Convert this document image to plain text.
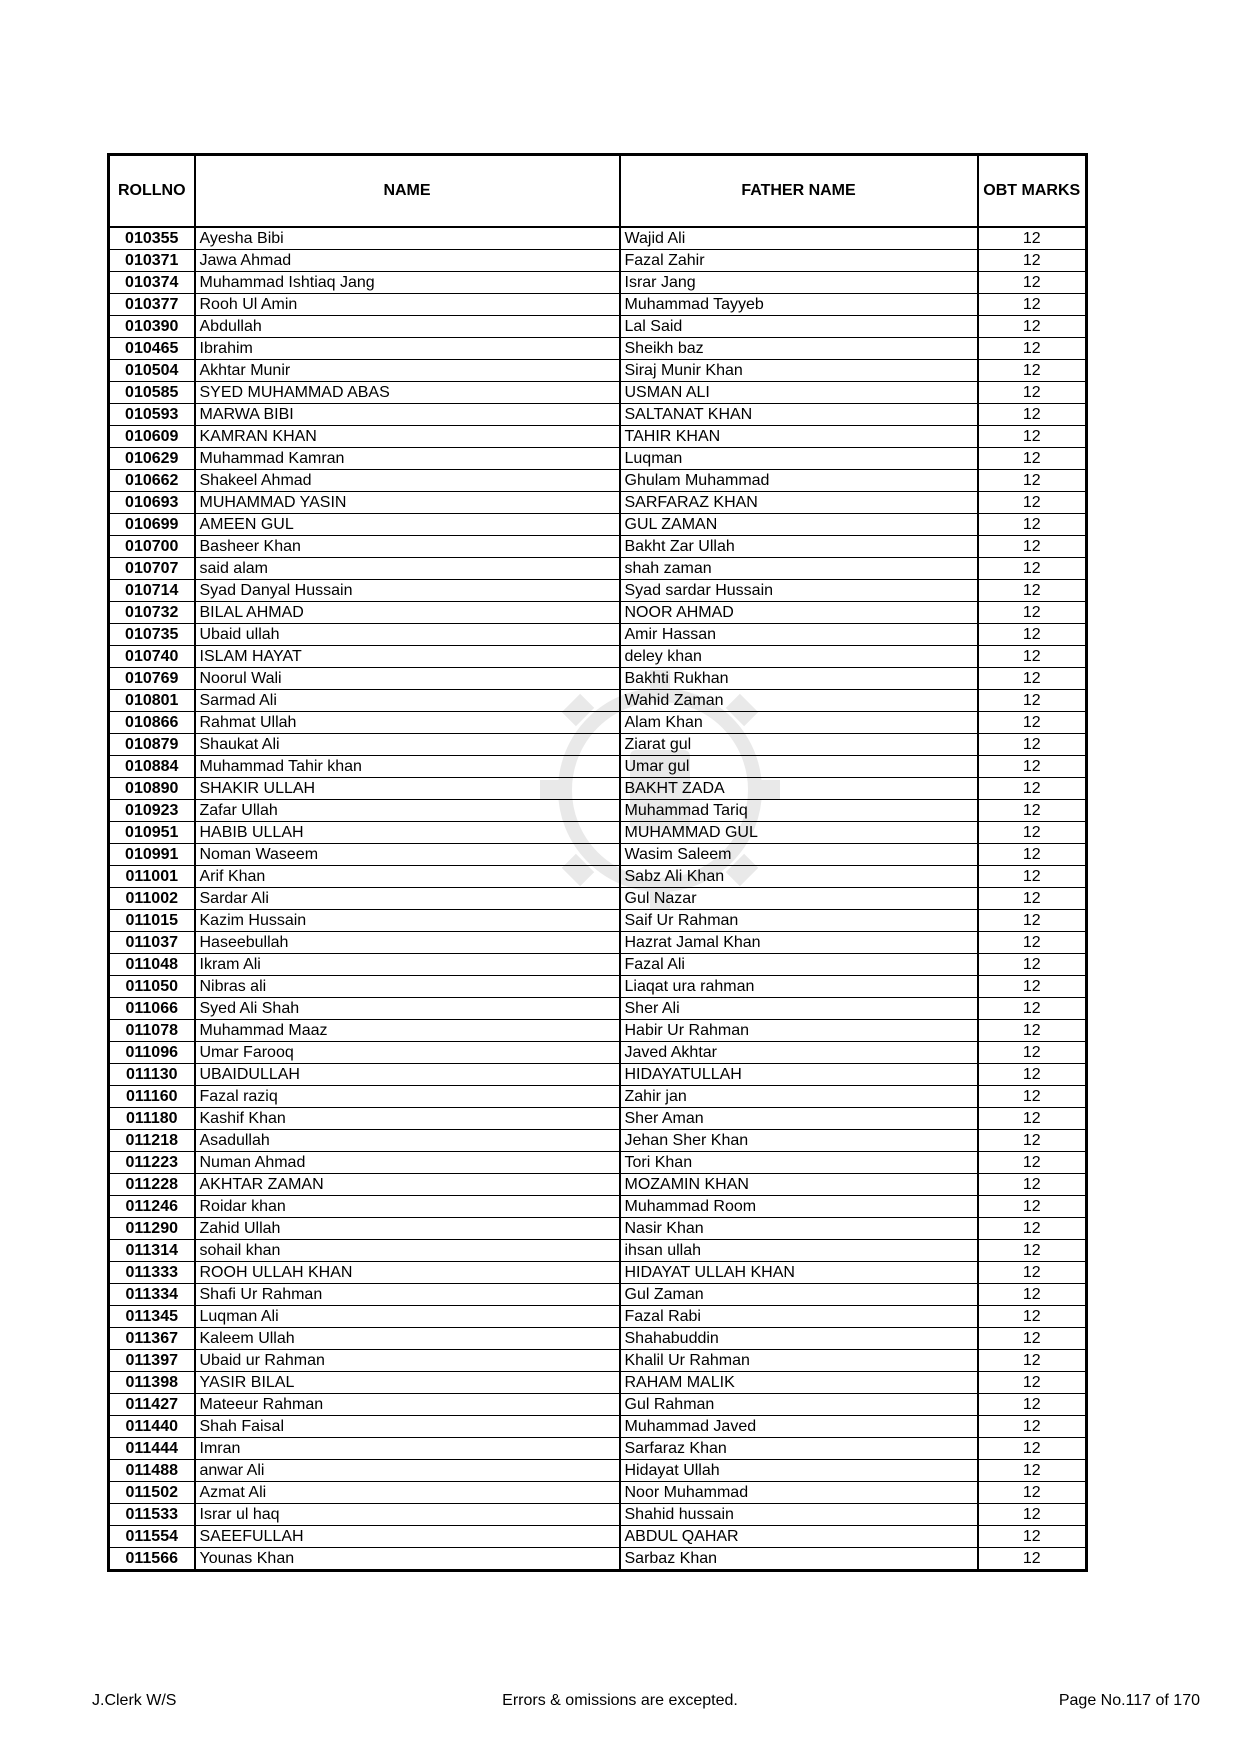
ROLLNO	NAME	FATHER NAME	OBT MARKS
010355	Ayesha Bibi	Wajid Ali	12
010371	Jawa Ahmad	Fazal Zahir	12
010374	Muhammad Ishtiaq Jang	Israr Jang	12
010377	Rooh Ul Amin	Muhammad Tayyeb	12
010390	Abdullah	Lal Said	12
010465	Ibrahim	Sheikh baz	12
010504	Akhtar Munir	Siraj Munir Khan	12
010585	SYED MUHAMMAD ABAS	USMAN ALI	12
010593	MARWA BIBI	SALTANAT KHAN	12
010609	KAMRAN KHAN	TAHIR KHAN	12
010629	Muhammad Kamran	Luqman	12
010662	Shakeel Ahmad	Ghulam Muhammad	12
010693	MUHAMMAD YASIN	SARFARAZ KHAN	12
010699	AMEEN GUL	GUL ZAMAN	12
010700	Basheer Khan	Bakht Zar Ullah	12
010707	said alam	shah zaman	12
010714	Syad Danyal Hussain	Syad sardar Hussain	12
010732	BILAL AHMAD	NOOR AHMAD	12
010735	Ubaid ullah	Amir Hassan	12
010740	ISLAM HAYAT	deley khan	12
010769	Noorul Wali	Bakhti Rukhan	12
010801	Sarmad Ali	Wahid Zaman	12
010866	Rahmat Ullah	Alam Khan	12
010879	Shaukat Ali	Ziarat gul	12
010884	Muhammad Tahir khan	Umar gul	12
010890	SHAKIR ULLAH	BAKHT ZADA	12
010923	Zafar Ullah	Muhammad Tariq	12
010951	HABIB ULLAH	MUHAMMAD GUL	12
010991	Noman Waseem	Wasim Saleem	12
011001	Arif Khan	Sabz Ali Khan	12
011002	Sardar Ali	Gul Nazar	12
011015	Kazim Hussain	Saif Ur Rahman	12
011037	Haseebullah	Hazrat Jamal Khan	12
011048	Ikram Ali	Fazal Ali	12
011050	Nibras ali	Liaqat ura rahman	12
011066	Syed Ali Shah	Sher Ali	12
011078	Muhammad Maaz	Habir Ur Rahman	12
011096	Umar Farooq	Javed Akhtar	12
011130	UBAIDULLAH	HIDAYATULLAH	12
011160	Fazal raziq	Zahir jan	12
011180	Kashif Khan	Sher Aman	12
011218	Asadullah	Jehan Sher Khan	12
011223	Numan Ahmad	Tori Khan	12
011228	AKHTAR ZAMAN	MOZAMIN KHAN	12
011246	Roidar khan	Muhammad Room	12
011290	Zahid Ullah	Nasir Khan	12
011314	sohail khan	ihsan ullah	12
011333	ROOH ULLAH KHAN	HIDAYAT ULLAH KHAN	12
011334	Shafi Ur Rahman	Gul Zaman	12
011345	Luqman Ali	Fazal Rabi	12
011367	Kaleem Ullah	Shahabuddin	12
011397	Ubaid ur Rahman	Khalil Ur Rahman	12
011398	YASIR BILAL	RAHAM MALIK	12
011427	Mateeur Rahman	Gul Rahman	12
011440	Shah Faisal	Muhammad Javed	12
011444	Imran	Sarfaraz Khan	12
011488	anwar Ali	Hidayat Ullah	12
011502	Azmat Ali	Noor Muhammad	12
011533	Israr ul haq	Shahid hussain	12
011554	SAEEFULLAH	ABDUL QAHAR	12
011566	Younas Khan	Sarbaz Khan	12
J.Clerk W/S	Errors & omissions are excepted.	Page No.117 of 170
